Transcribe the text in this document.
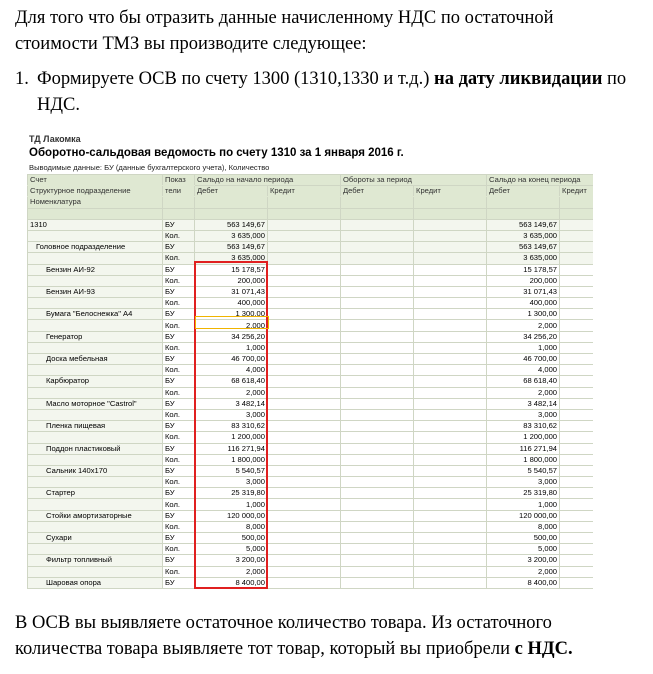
Для того что бы отразить данные начисленному НДС по остаточной
стоимости ТМЗ вы производите следующее:
1. Формируете ОСВ по счету 1300 (1310,1330 и т.д.) на дату ликвидации по
НДС.
ТД Лакомка
Оборотно-сальдовая ведомость по счету 1310 за 1 января 2016 г.
Выводимые данные: БУ (данные бухгалтерского учета), Количество
Счет	Показ	Сальдо на начало периода		Обороты за период		Сальдо на конец периода	
Структурное подразделение	тели	Дебет	Кредит	Дебет	Кредит	Дебет	Кредит
Номенклатура							

1310	БУ	563 149,67				563 149,67	
	Кол.	3 635,000				3 635,000	
Головное подразделение	БУ	563 149,67				563 149,67	
	Кол.	3 635,000				3 635,000	
Бензин АИ-92	БУ	15 178,57				15 178,57	
	Кол.	200,000				200,000	
Бензин АИ-93	БУ	31 071,43				31 071,43	
	Кол.	400,000				400,000	
Бумага "Белоснежка" А4	БУ	1 300,00				1 300,00	
	Кол.	2,000				2,000	
Генератор	БУ	34 256,20				34 256,20	
	Кол.	1,000				1,000	
Доска мебельная	БУ	46 700,00				46 700,00	
	Кол.	4,000				4,000	
Карбюратор	БУ	68 618,40				68 618,40	
	Кол.	2,000				2,000	
Масло моторное "Castrol"	БУ	3 482,14				3 482,14	
	Кол.	3,000				3,000	
Пленка пищевая	БУ	83 310,62				83 310,62	
	Кол.	1 200,000				1 200,000	
Поддон пластиковый	БУ	116 271,94				116 271,94	
	Кол.	1 800,000				1 800,000	
Сальник 140х170	БУ	5 540,57				5 540,57	
	Кол.	3,000				3,000	
Стартер	БУ	25 319,80				25 319,80	
	Кол.	1,000				1,000	
Стойки амортизаторные	БУ	120 000,00				120 000,00	
	Кол.	8,000				8,000	
Сухари	БУ	500,00				500,00	
	Кол.	5,000				5,000	
Фильтр топливный	БУ	3 200,00				3 200,00	
	Кол.	2,000				2,000	
Шаровая опора	БУ	8 400,00				8 400,00	
В ОСВ вы выявляете остаточное количество товара. Из остаточного
количества товара выявляете тот товар, который вы приобрели с НДС.
